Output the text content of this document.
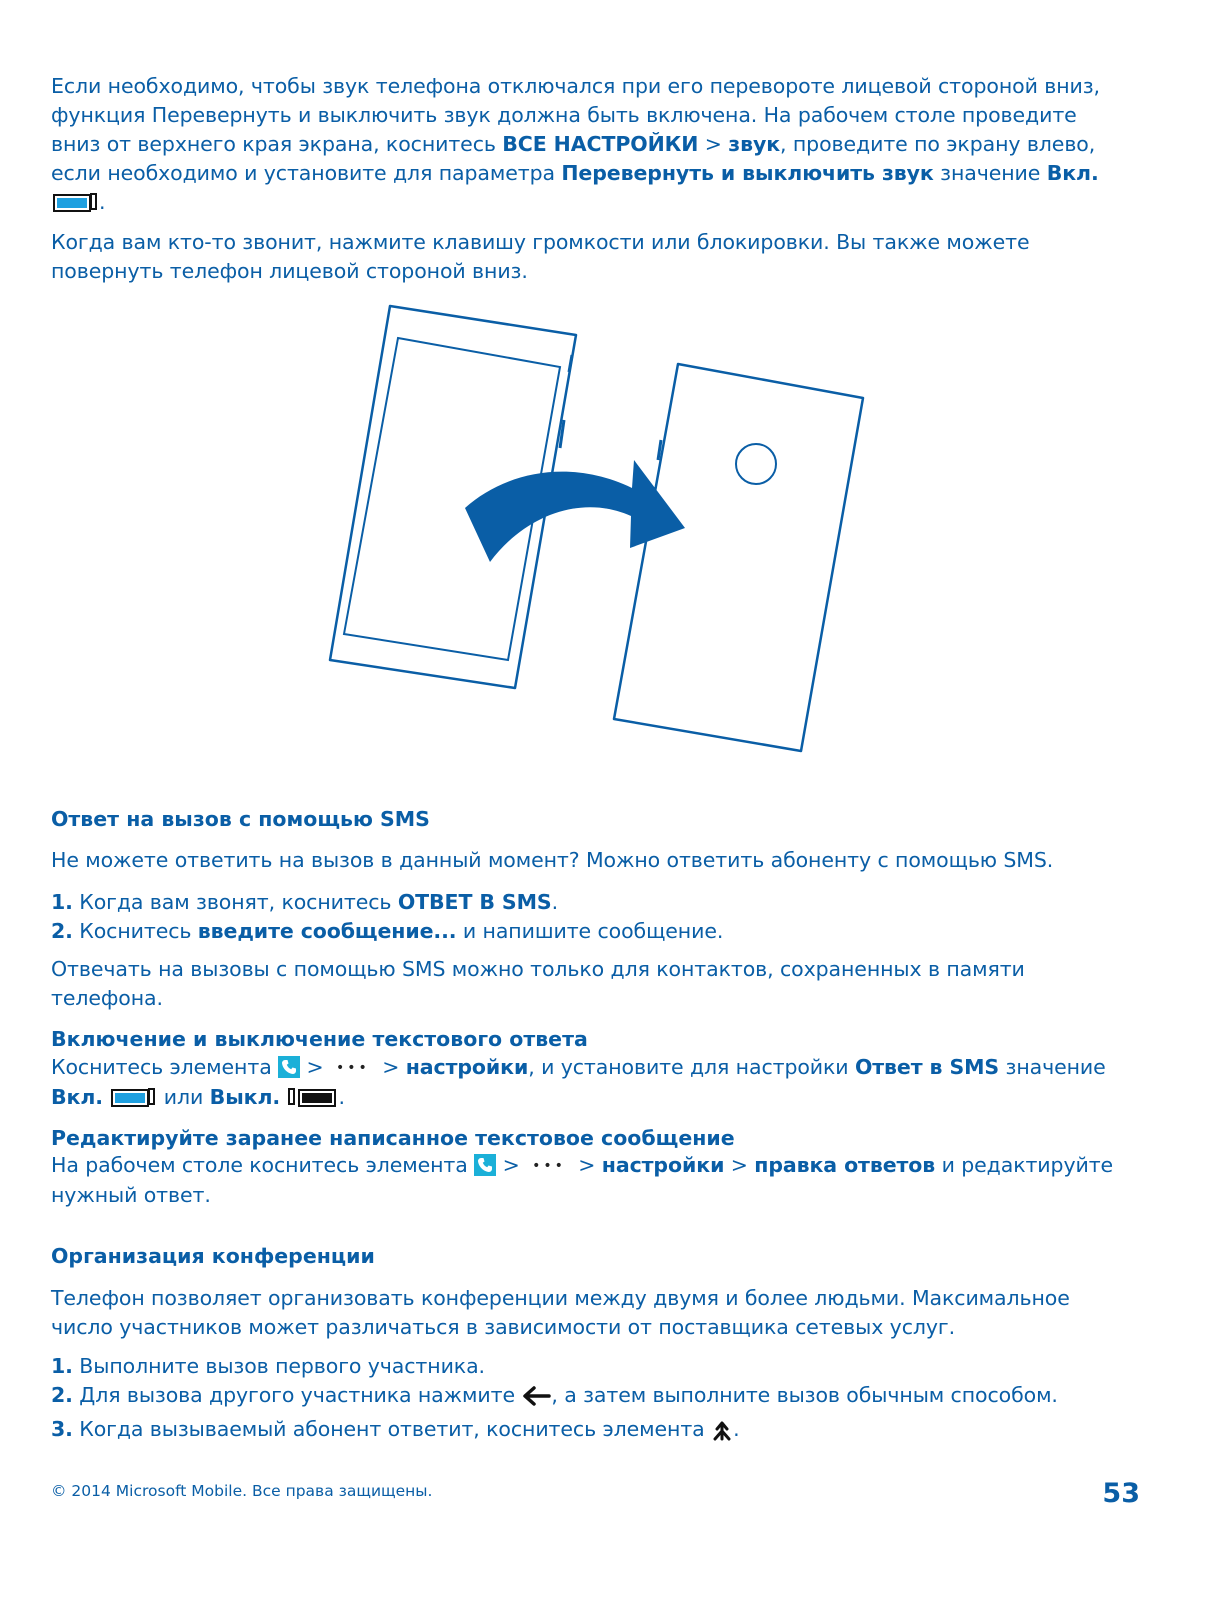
Если необходимо, чтобы звук телефона отключался при его перевороте лицевой стороной вниз,
функция Перевернуть и выключить звук должна быть включена. На рабочем столе проведите
вниз от верхнего края экрана, коснитесь ВСЕ НАСТРОЙКИ > звук, проведите по экрану влево,
если необходимо и установите для параметра Перевернуть и выключить звук значение Вкл.
.

Когда вам кто-то звонит, нажмите клавишу громкости или блокировки. Вы также можете
повернуть телефон лицевой стороной вниз.

Ответ на вызов с помощью SMS

Не можете ответить на вызов в данный момент? Можно ответить абоненту с помощью SMS.

1. Когда вам звонят, коснитесь ОТВЕТ В SMS.
2. Коснитесь введите сообщение... и напишите сообщение.

Отвечать на вызовы с помощью SMS можно только для контактов, сохраненных в памяти
телефона.

Включение и выключение текстового ответа

Коснитесь элемента
> ••• > настройки, и установите для настройки Ответ в SMS значение
Вкл.	или Выкл.	.

Редактируйте заранее написанное текстовое сообщение

На рабочем столе коснитесь элемента
> ••• > настройки > правка ответов и редактируйте
нужный ответ.

Организация конференции

Телефон позволяет организовать конференции между двумя и более людьми. Максимальное
число участников может различаться в зависимости от поставщика сетевых услуг.

1. Выполните вызов первого участника.
2. Для вызова другого участника нажмите , а затем выполните вызов обычным способом.
3. Когда вызываемый абонент ответит, коснитесь элемента .

© 2014 Microsoft Mobile. Все права защищены.	53
